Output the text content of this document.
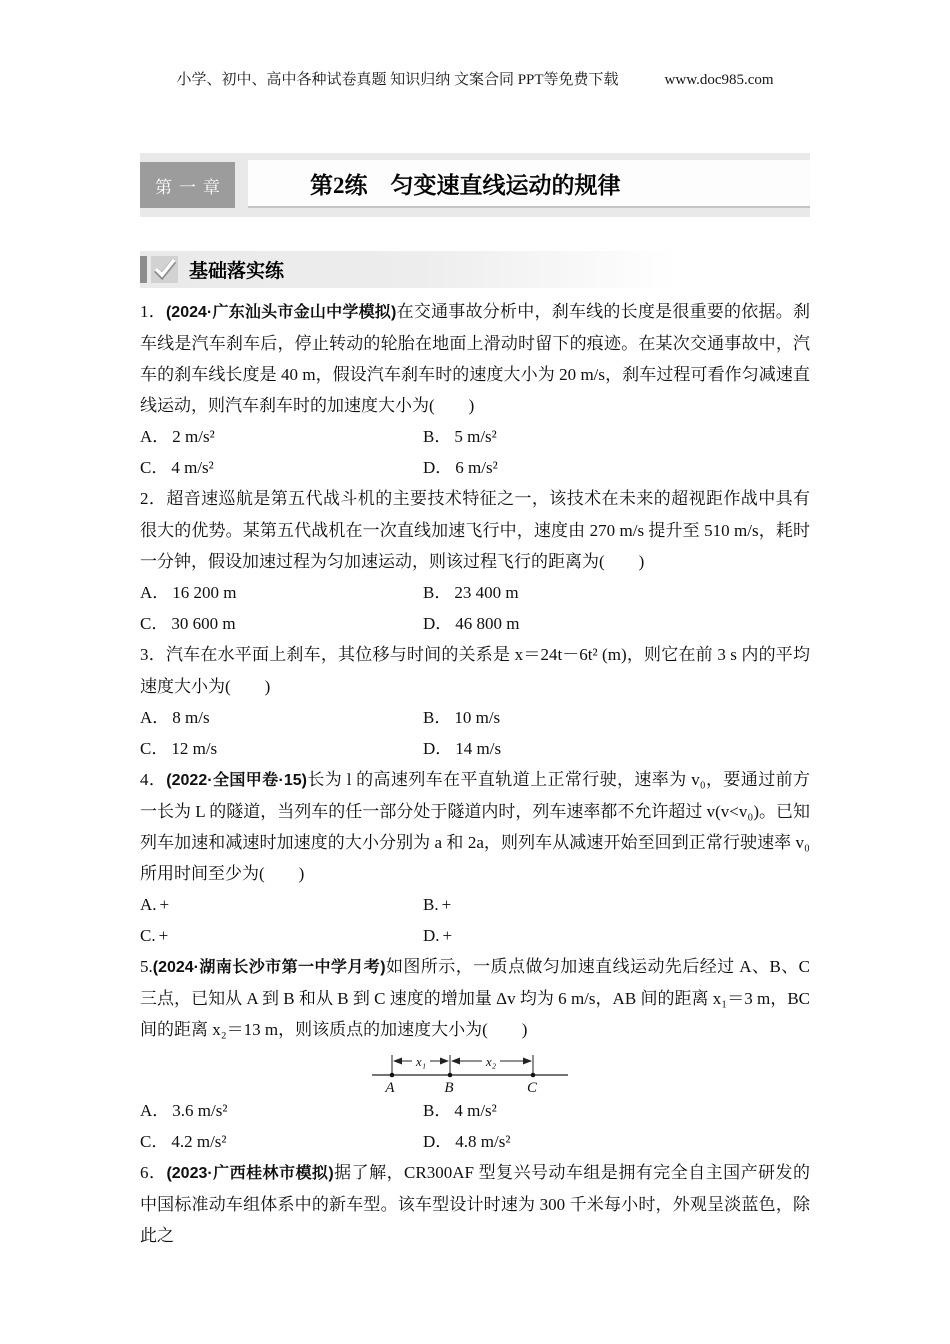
小学、初中、高中各种试卷真题 知识归纳 文案合同 PPT等免费下载	www.doc985.com
第一章	第2练　匀变速直线运动的规律
基础落实练

1．(2024·广东汕头市金山中学模拟)在交通事故分析中，刹车线的长度是很重要的依据。刹车线是汽车刹车后，停止转动的轮胎在地面上滑动时留下的痕迹。在某次交通事故中，汽车的刹车线长度是 40 m，假设汽车刹车时的速度大小为 20 m/s，刹车过程可看作匀减速直线运动，则汽车刹车时的加速度大小为(　　)

A． 2 m/s²	B． 5 m/s²
C． 4 m/s²	D． 6 m/s²

2．超音速巡航是第五代战斗机的主要技术特征之一，该技术在未来的超视距作战中具有很大的优势。某第五代战机在一次直线加速飞行中，速度由 270 m/s 提升至 510 m/s，耗时一分钟，假设加速过程为匀加速运动，则该过程飞行的距离为(　　)

A． 16 200 m	B． 23 400 m
C． 30 600 m	D． 46 800 m

3．汽车在水平面上刹车，其位移与时间的关系是 x＝24t－6t² (m)，则它在前 3 s 内的平均速度大小为(　　)

A． 8 m/s	B． 10 m/s
C． 12 m/s	D． 14 m/s

4．(2022·全国甲卷·15)长为 l 的高速列车在平直轨道上正常行驶，速率为 v₀，要通过前方一长为 L 的隧道，当列车的任一部分处于隧道内时，列车速率都不允许超过 v(v<v₀)。已知列车加速和减速时加速度的大小分别为 a 和 2a，则列车从减速开始至回到正常行驶速率 v₀ 所用时间至少为(　　)

A. +	B. +
C. +	D. +

5.(2024·湖南长沙市第一中学月考)如图所示，一质点做匀加速直线运动先后经过 A、B、C 三点，已知从 A 到 B 和从 B 到 C 速度的增加量 Δv 均为 6 m/s，AB 间的距离 x₁＝3 m，BC 间的距离 x₂＝13 m，则该质点的加速度大小为(　　)

x₁	x₂
A	B	C
A． 3.6 m/s²	B． 4 m/s²
C． 4.2 m/s²	D． 4.8 m/s²

6．(2023·广西桂林市模拟)据了解，CR300AF 型复兴号动车组是拥有完全自主国产研发的中国标准动车组体系中的新车型。该车型设计时速为 300 千米每小时，外观呈淡蓝色，除此之
